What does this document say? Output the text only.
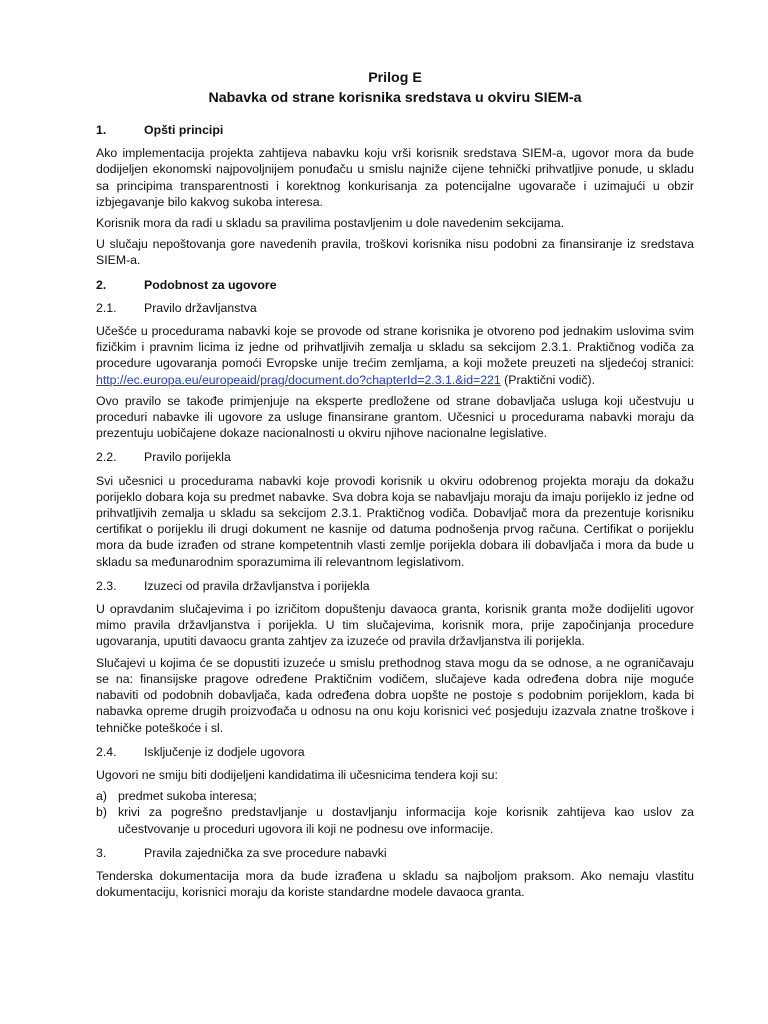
Prilog E

Nabavka od strane korisnika sredstava u okviru SIEM-a

1.	Opšti principi

Ako implementacija projekta zahtijeva nabavku koju vrši korisnik sredstava SIEM-a, ugovor mora da bude dodijeljen ekonomski najpovoljnijem ponuđaču u smislu najniže cijene tehnički prihvatljive ponude, u skladu sa principima transparentnosti i korektnog konkurisanja za potencijalne ugovarače i uzimajući u obzir izbjegavanje bilo kakvog sukoba interesa.

Korisnik mora da radi u skladu sa pravilima postavljenim u dole navedenim sekcijama.

U slučaju nepoštovanja gore navedenih pravila, troškovi korisnika nisu podobni za finansiranje iz sredstava SIEM-a.

2.	Podobnost za ugovore
2.1.	Pravilo državljanstva

Učešće u procedurama nabavki koje se provode od strane korisnika je otvoreno pod jednakim uslovima svim fizičkim i pravnim licima iz jedne od prihvatljivih zemalja u skladu sa sekcijom 2.3.1. Praktičnog vodiča za procedure ugovaranja pomoći Evropske unije trećim zemljama, a koji možete preuzeti na sljedećoj stranici: http://ec.europa.eu/europeaid/prag/document.do?chapterId=2.3.1.&id=221 (Praktični vodič).

Ovo pravilo se takođe primjenjuje na eksperte predložene od strane dobavljača usluga koji učestvuju u proceduri nabavke ili ugovore za usluge finansirane grantom. Učesnici u procedurama nabavki moraju da prezentuju uobičajene dokaze nacionalnosti u okviru njihove nacionalne legislative.

2.2.	Pravilo porijekla

Svi učesnici u procedurama nabavki koje provodi korisnik u okviru odobrenog projekta moraju da dokažu porijeklo dobara koja su predmet nabavke. Sva dobra koja se nabavljaju moraju da imaju porijeklo iz jedne od prihvatljivih zemalja u skladu sa sekcijom 2.3.1. Praktičnog vodiča. Dobavljač mora da prezentuje korisniku certifikat o porijeklu ili drugi dokument ne kasnije od datuma podnošenja prvog računa. Certifikat o porijeklu mora da bude izrađen od strane kompetentnih vlasti zemlje porijekla dobara ili dobavljača i mora da bude u skladu sa međunarodnim sporazumima ili relevantnom legislativom.

2.3.	Izuzeci od pravila državljanstva i porijekla

U opravdanim slučajevima i po izričitom dopuštenju davaoca granta, korisnik granta može dodijeliti ugovor mimo pravila državljanstva i porijekla. U tim slučajevima, korisnik mora, prije započinjanja procedure ugovaranja, uputiti davaocu granta zahtjev za izuzeće od pravila državljanstva ili porijekla.

Slučajevi u kojima će se dopustiti izuzeće u smislu prethodnog stava mogu da se odnose, a ne ograničavaju se na: finansijske pragove određene Praktičnim vodičem, slučajeve kada određena dobra nije moguće nabaviti od podobnih dobavljača, kada određena dobra uopšte ne postoje s podobnim porijeklom, kada bi nabavka opreme drugih proizvođača u odnosu na onu koju korisnici već posjeduju izazvala znatne troškove i tehničke poteškoće i sl.

2.4.	Isključenje iz dodjele ugovora

Ugovori ne smiju biti dodijeljeni kandidatima ili učesnicima tendera koji su:

a) predmet sukoba interesa;
b) krivi za pogrešno predstavljanje u dostavljanju informacija koje korisnik zahtijeva kao uslov za učestvovanje u proceduri ugovora ili koji ne podnesu ove informacije.
3.	Pravila zajednička za sve procedure nabavki

Tenderska dokumentacija mora da bude izrađena u skladu sa najboljom praksom. Ako nemaju vlastitu dokumentaciju, korisnici moraju da koriste standardne modele davaoca granta.
